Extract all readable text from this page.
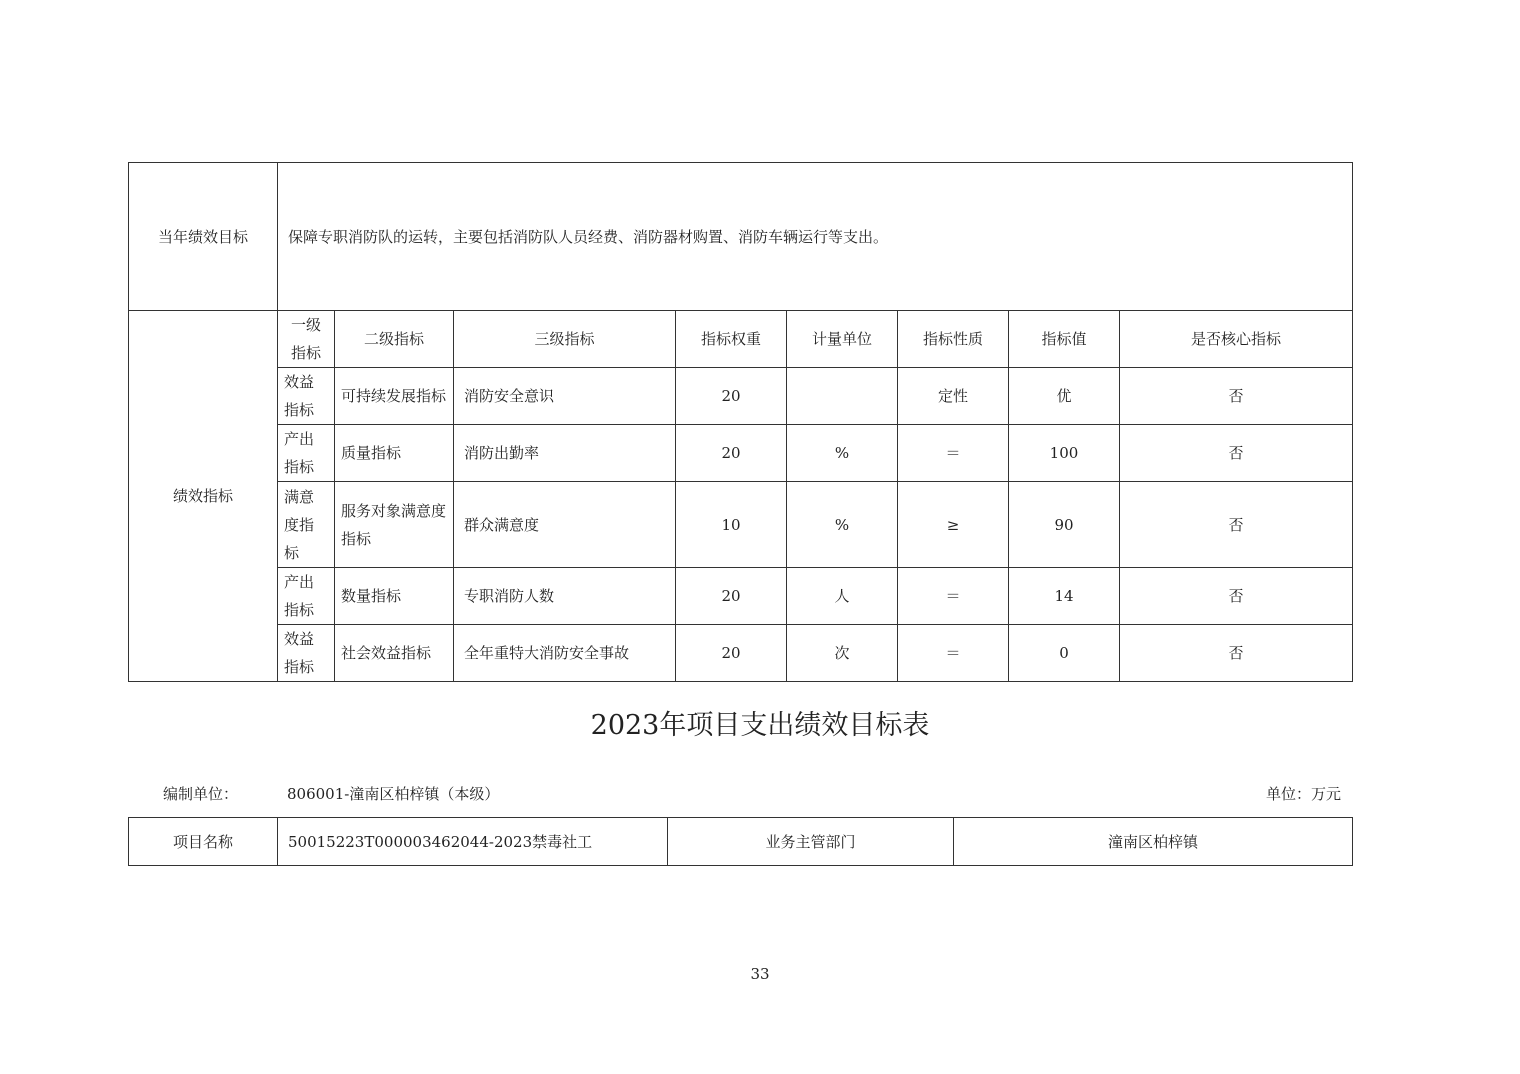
当年绩效目标	保障专职消防队的运转，主要包括消防队人员经费、消防器材购置、消防车辆运行等支出。							
绩效指标	一级指标	二级指标	三级指标	指标权重	计量单位	指标性质	指标值	是否核心指标
	效益指标	可持续发展指标	消防安全意识	20		定性	优	否
	产出指标	质量指标	消防出勤率	20	%	＝	100	否
	满意度指标	服务对象满意度指标	群众满意度	10	%	≥	90	否
	产出指标	数量指标	专职消防人数	20	人	＝	14	否
	效益指标	社会效益指标	全年重特大消防安全事故	20	次	＝	0	否
2023年项目支出绩效目标表
编制单位：	806001-潼南区柏梓镇（本级）	单位：万元
项目名称	50015223T000003462044-2023禁毒社工	业务主管部门	潼南区柏梓镇
33
